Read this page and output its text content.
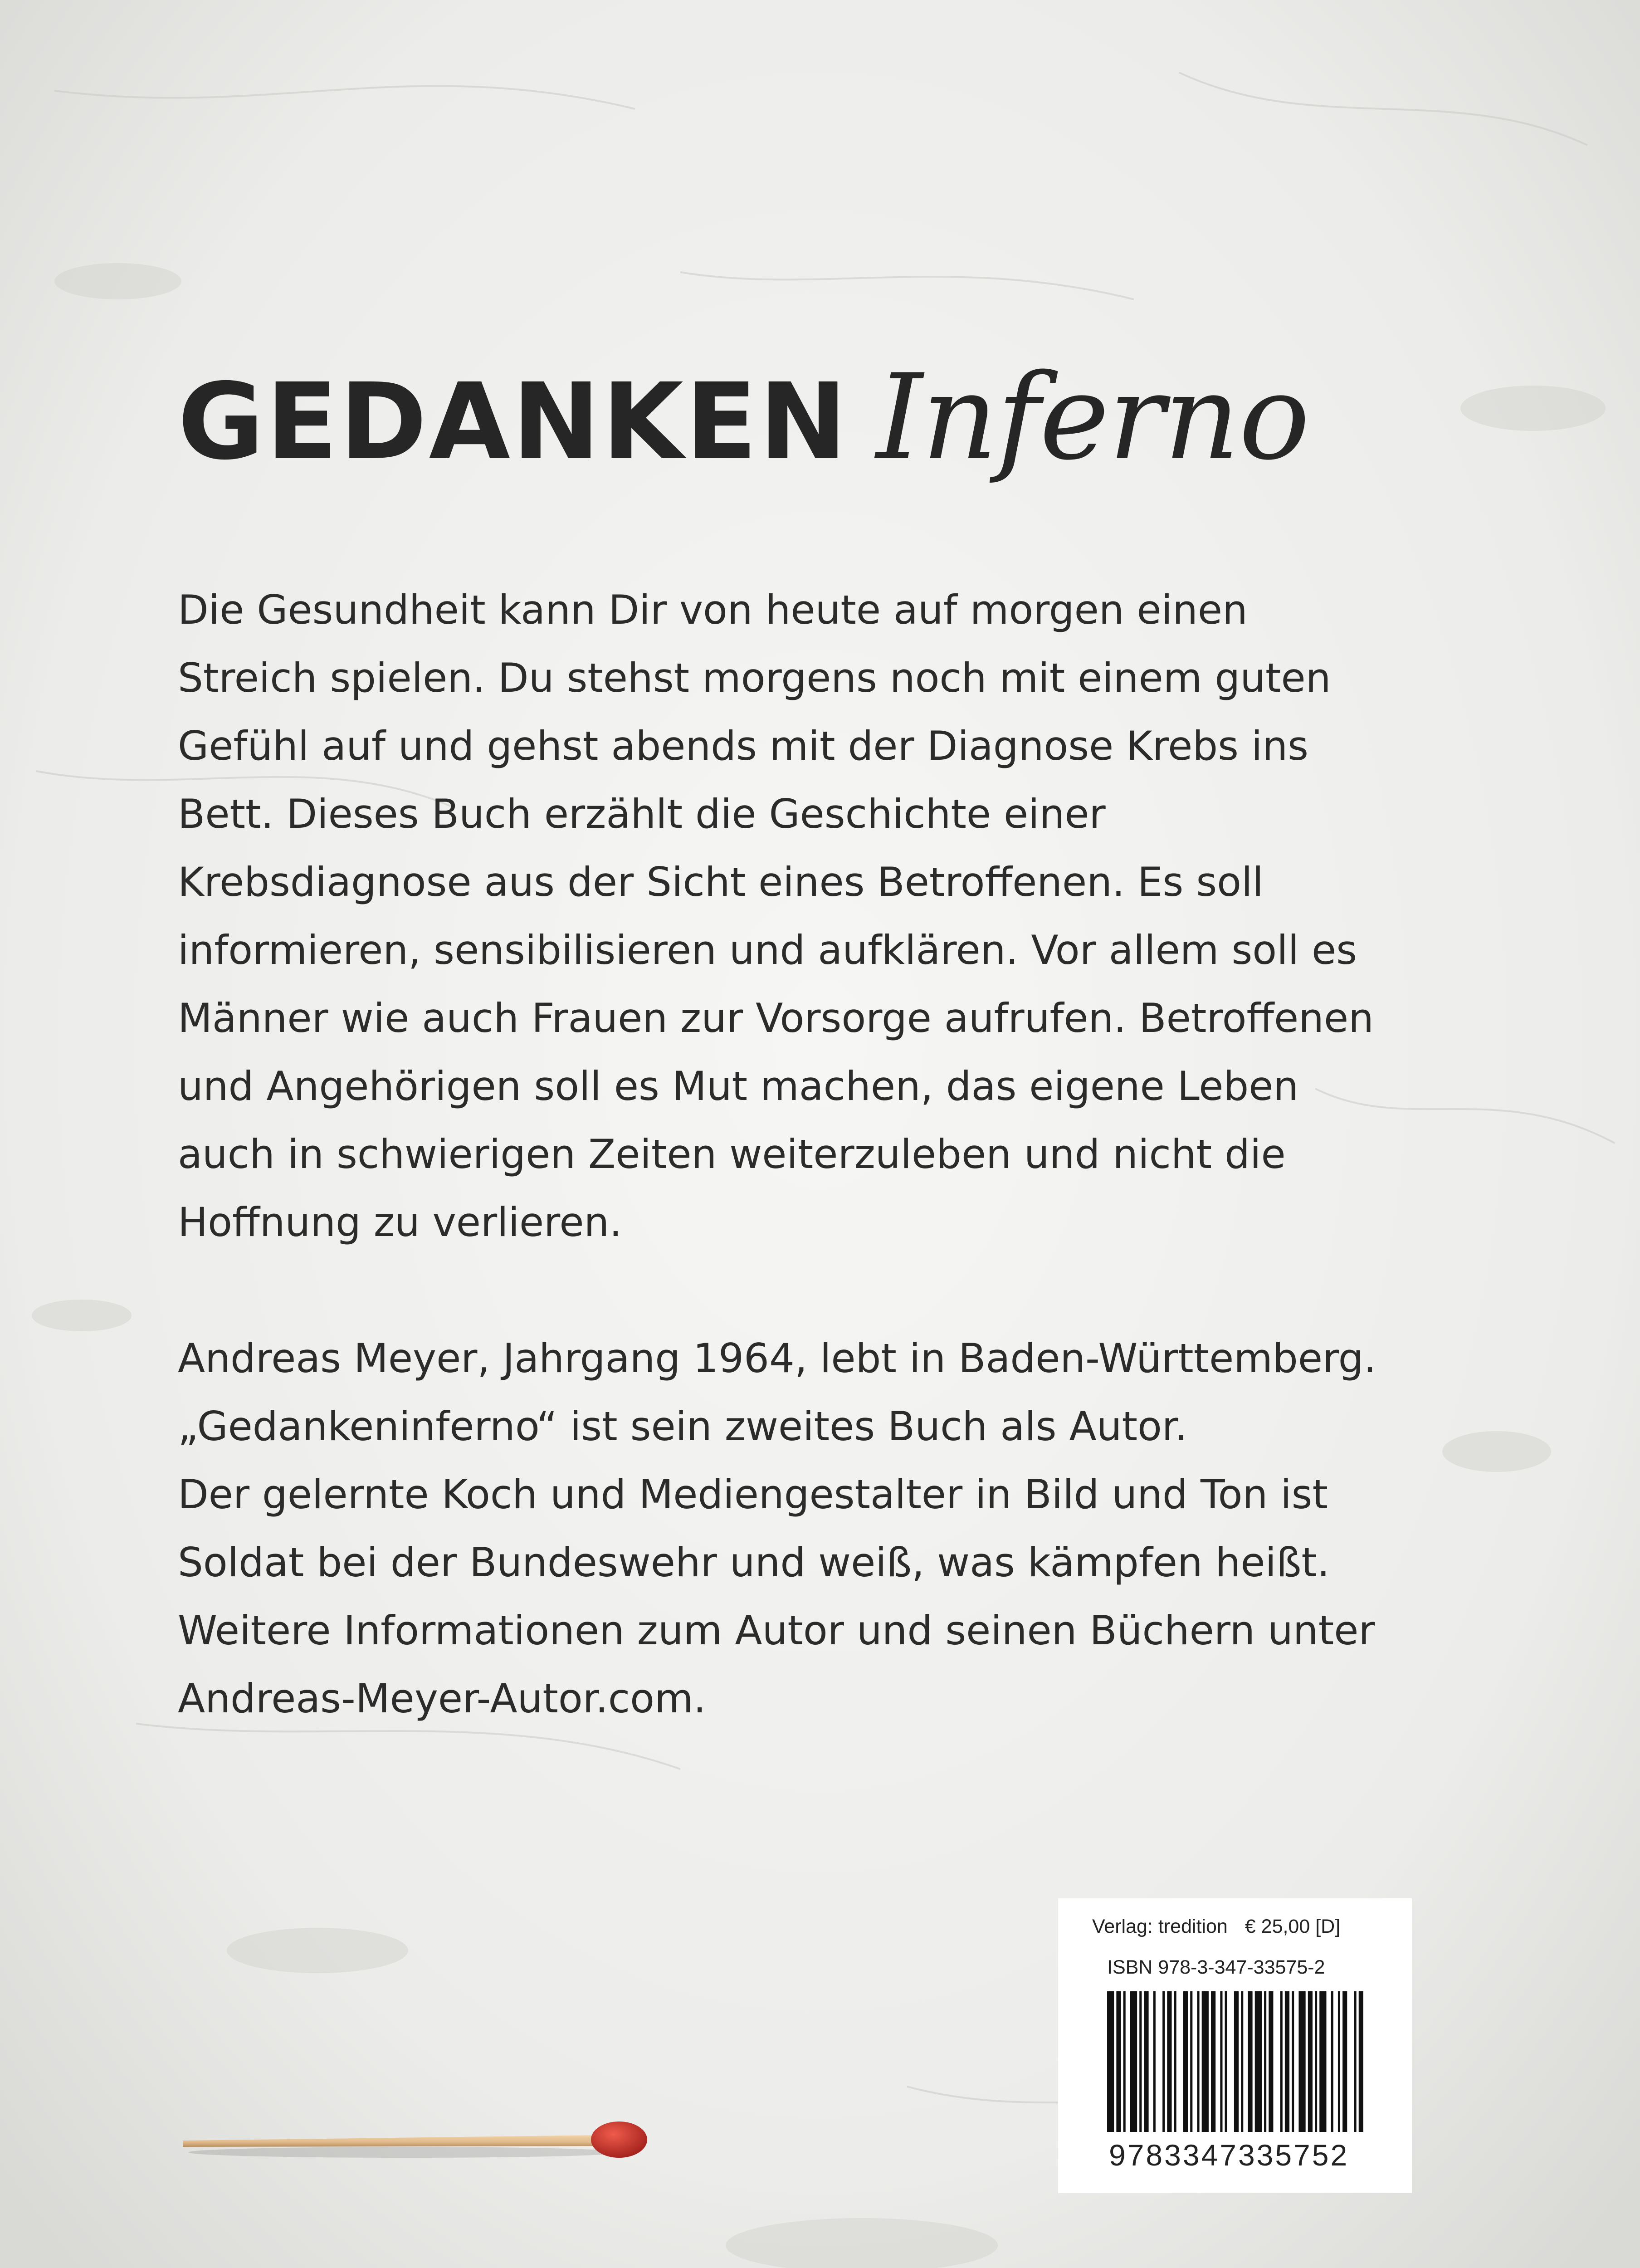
GEDANKEN Inferno

Die Gesundheit kann Dir von heute auf morgen einen
Streich spielen. Du stehst morgens noch mit einem guten
Gefühl auf und gehst abends mit der Diagnose Krebs ins
Bett. Dieses Buch erzählt die Geschichte einer
Krebsdiagnose aus der Sicht eines Betroffenen. Es soll
informieren, sensibilisieren und aufklären. Vor allem soll es
Männer wie auch Frauen zur Vorsorge aufrufen. Betroffenen
und Angehörigen soll es Mut machen, das eigene Leben
auch in schwierigen Zeiten weiterzuleben und nicht die
Hoffnung zu verlieren.

Andreas Meyer, Jahrgang 1964, lebt in Baden-Württemberg.
„Gedankeninferno“ ist sein zweites Buch als Autor.
Der gelernte Koch und Mediengestalter in Bild und Ton ist
Soldat bei der Bundeswehr und weiß, was kämpfen heißt.
Weitere Informationen zum Autor und seinen Büchern unter
Andreas-Meyer-Autor.com.

Verlag: tredition € 25,00 [D]
ISBN 978-3-347-33575-2
9783347335752
